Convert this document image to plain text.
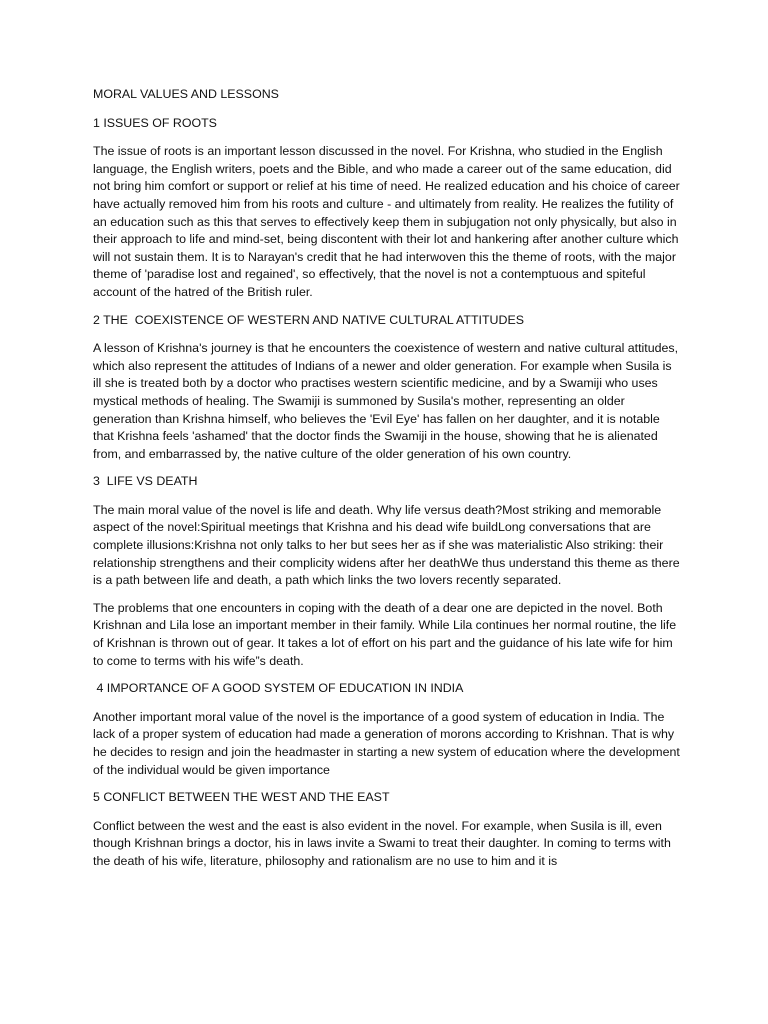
MORAL VALUES AND LESSONS

1 ISSUES OF ROOTS

The issue of roots is an important lesson discussed in the novel. For Krishna, who studied in the English language, the English writers, poets and the Bible, and who made a career out of the same education, did not bring him comfort or support or relief at his time of need. He realized education and his choice of career have actually removed him from his roots and culture - and ultimately from reality. He realizes the futility of an education such as this that serves to effectively keep them in subjugation not only physically, but also in their approach to life and mind-set, being discontent with their lot and hankering after another culture which will not sustain them. It is to Narayan's credit that he had interwoven this the theme of roots, with the major theme of 'paradise lost and regained', so effectively, that the novel is not a contemptuous and spiteful account of the hatred of the British ruler.

2 THE  COEXISTENCE OF WESTERN AND NATIVE CULTURAL ATTITUDES

A lesson of Krishna's journey is that he encounters the coexistence of western and native cultural attitudes, which also represent the attitudes of Indians of a newer and older generation. For example when Susila is ill she is treated both by a doctor who practises western scientific medicine, and by a Swamiji who uses mystical methods of healing. The Swamiji is summoned by Susila's mother, representing an older generation than Krishna himself, who believes the 'Evil Eye' has fallen on her daughter, and it is notable that Krishna feels 'ashamed' that the doctor finds the Swamiji in the house, showing that he is alienated from, and embarrassed by, the native culture of the older generation of his own country.

3  LIFE VS DEATH

The main moral value of the novel is life and death. Why life versus death?Most striking and memorable aspect of the novel:Spiritual meetings that Krishna and his dead wife buildLong conversations that are complete illusions:Krishna not only talks to her but sees her as if she was materialistic Also striking: their relationship strengthens and their complicity widens after her deathWe thus understand this theme as there is a path between life and death, a path which links the two lovers recently separated.

The problems that one encounters in coping with the death of a dear one are depicted in the novel. Both Krishnan and Lila lose an important member in their family. While Lila continues her normal routine, the life of Krishnan is thrown out of gear. It takes a lot of effort on his part and the guidance of his late wife for him to come to terms with his wife”s death.

4 IMPORTANCE OF A GOOD SYSTEM OF EDUCATION IN INDIA

Another important moral value of the novel is the importance of a good system of education in India. The lack of a proper system of education had made a generation of morons according to Krishnan. That is why he decides to resign and join the headmaster in starting a new system of education where the development of the individual would be given importance

5 CONFLICT BETWEEN THE WEST AND THE EAST

Conflict between the west and the east is also evident in the novel. For example, when Susila is ill, even though Krishnan brings a doctor, his in laws invite a Swami to treat their daughter. In coming to terms with the death of his wife, literature, philosophy and rationalism are no use to him and it is
